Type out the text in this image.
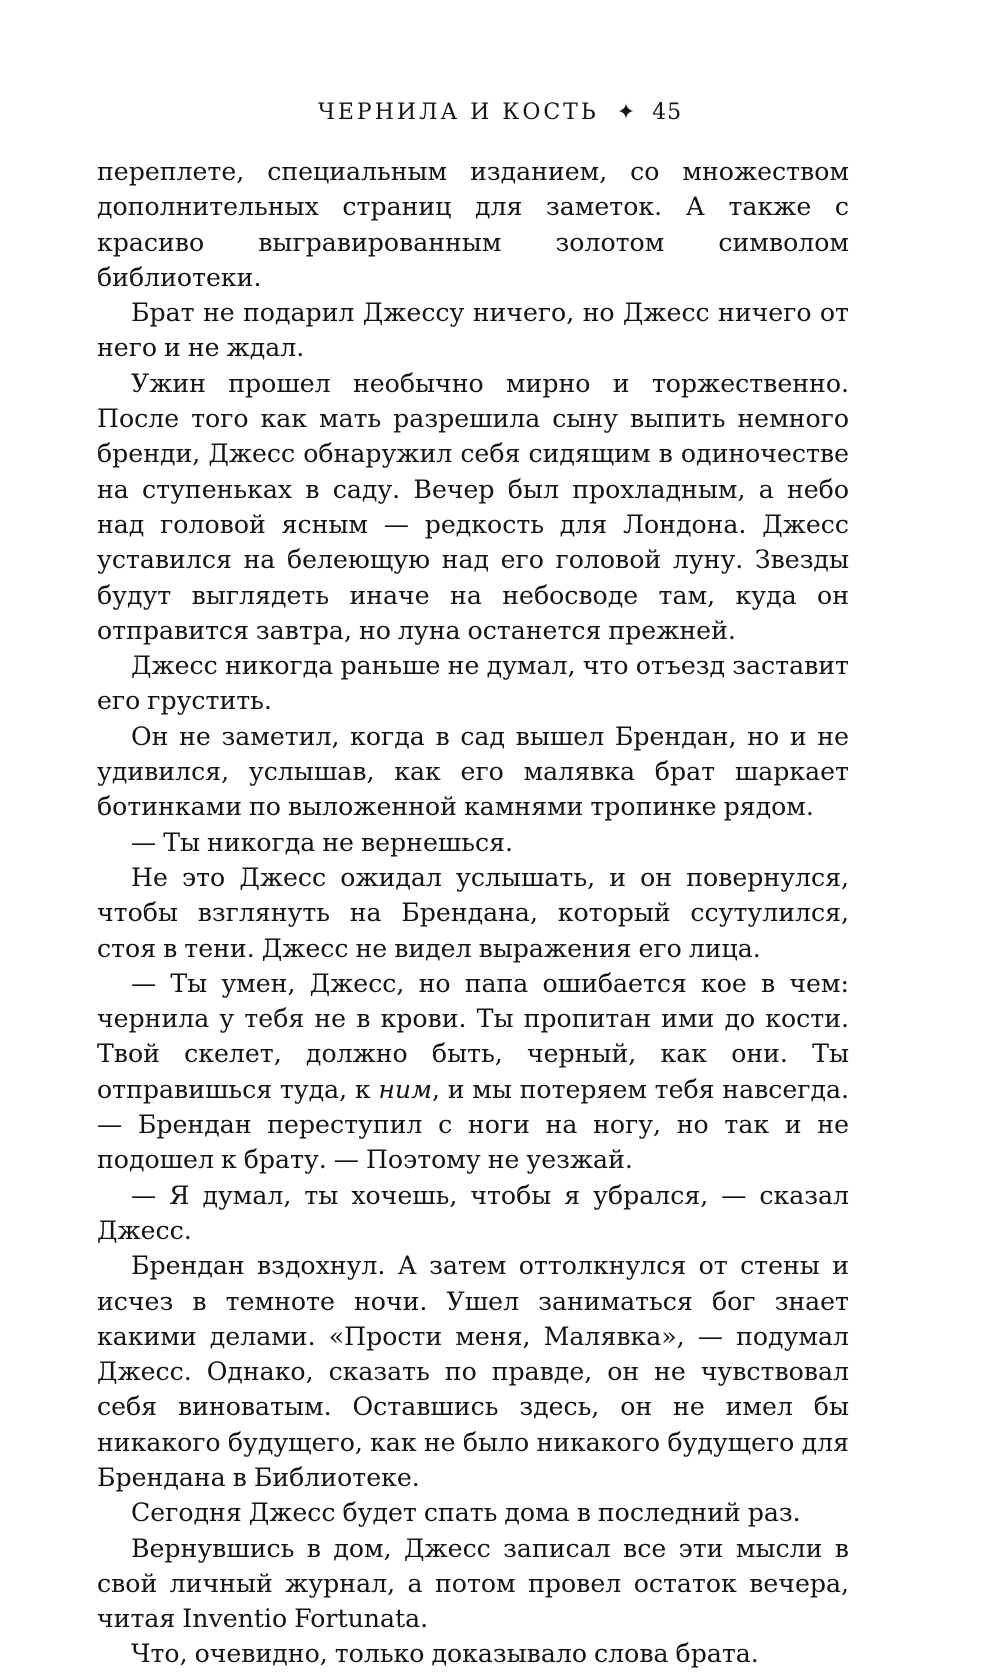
ЧЕРНИЛА И КОСТЬ ✦ 45

переплете, специальным изданием, со множеством дополнительных страниц для заметок. А также с красиво выгравированным золотом символом библиотеки.

Брат не подарил Джессу ничего, но Джесс ничего от него и не ждал.

Ужин прошел необычно мирно и торжественно. После того как мать разрешила сыну выпить немного бренди, Джесс обнаружил себя сидящим в одиночестве на ступеньках в саду. Вечер был прохладным, а небо над головой ясным — редкость для Лондона. Джесс уставился на белеющую над его головой луну. Звезды будут выглядеть иначе на небосводе там, куда он отправится завтра, но луна останется прежней.

Джесс никогда раньше не думал, что отъезд заставит его грустить.

Он не заметил, когда в сад вышел Брендан, но и не удивился, услышав, как его малявка брат шаркает ботинками по выложенной камнями тропинке рядом.

— Ты никогда не вернешься.

Не это Джесс ожидал услышать, и он повернулся, чтобы взглянуть на Брендана, который ссутулился, стоя в тени. Джесс не видел выражения его лица.

— Ты умен, Джесс, но папа ошибается кое в чем: чернила у тебя не в крови. Ты пропитан ими до кости. Твой скелет, должно быть, черный, как они. Ты отправишься туда, к ним, и мы потеряем тебя навсегда. — Брендан переступил с ноги на ногу, но так и не подошел к брату. — Поэтому не уезжай.

— Я думал, ты хочешь, чтобы я убрался, — сказал Джесс.

Брендан вздохнул. А затем оттолкнулся от стены и исчез в темноте ночи. Ушел заниматься бог знает какими делами. «Прости меня, Малявка», — подумал Джесс. Однако, сказать по правде, он не чувствовал себя виноватым. Оставшись здесь, он не имел бы никакого будущего, как не было никакого будущего для Брендана в Библиотеке.

Сегодня Джесс будет спать дома в последний раз.

Вернувшись в дом, Джесс записал все эти мысли в свой личный журнал, а потом провел остаток вечера, читая Inventio Fortunata.

Что, очевидно, только доказывало слова брата.
